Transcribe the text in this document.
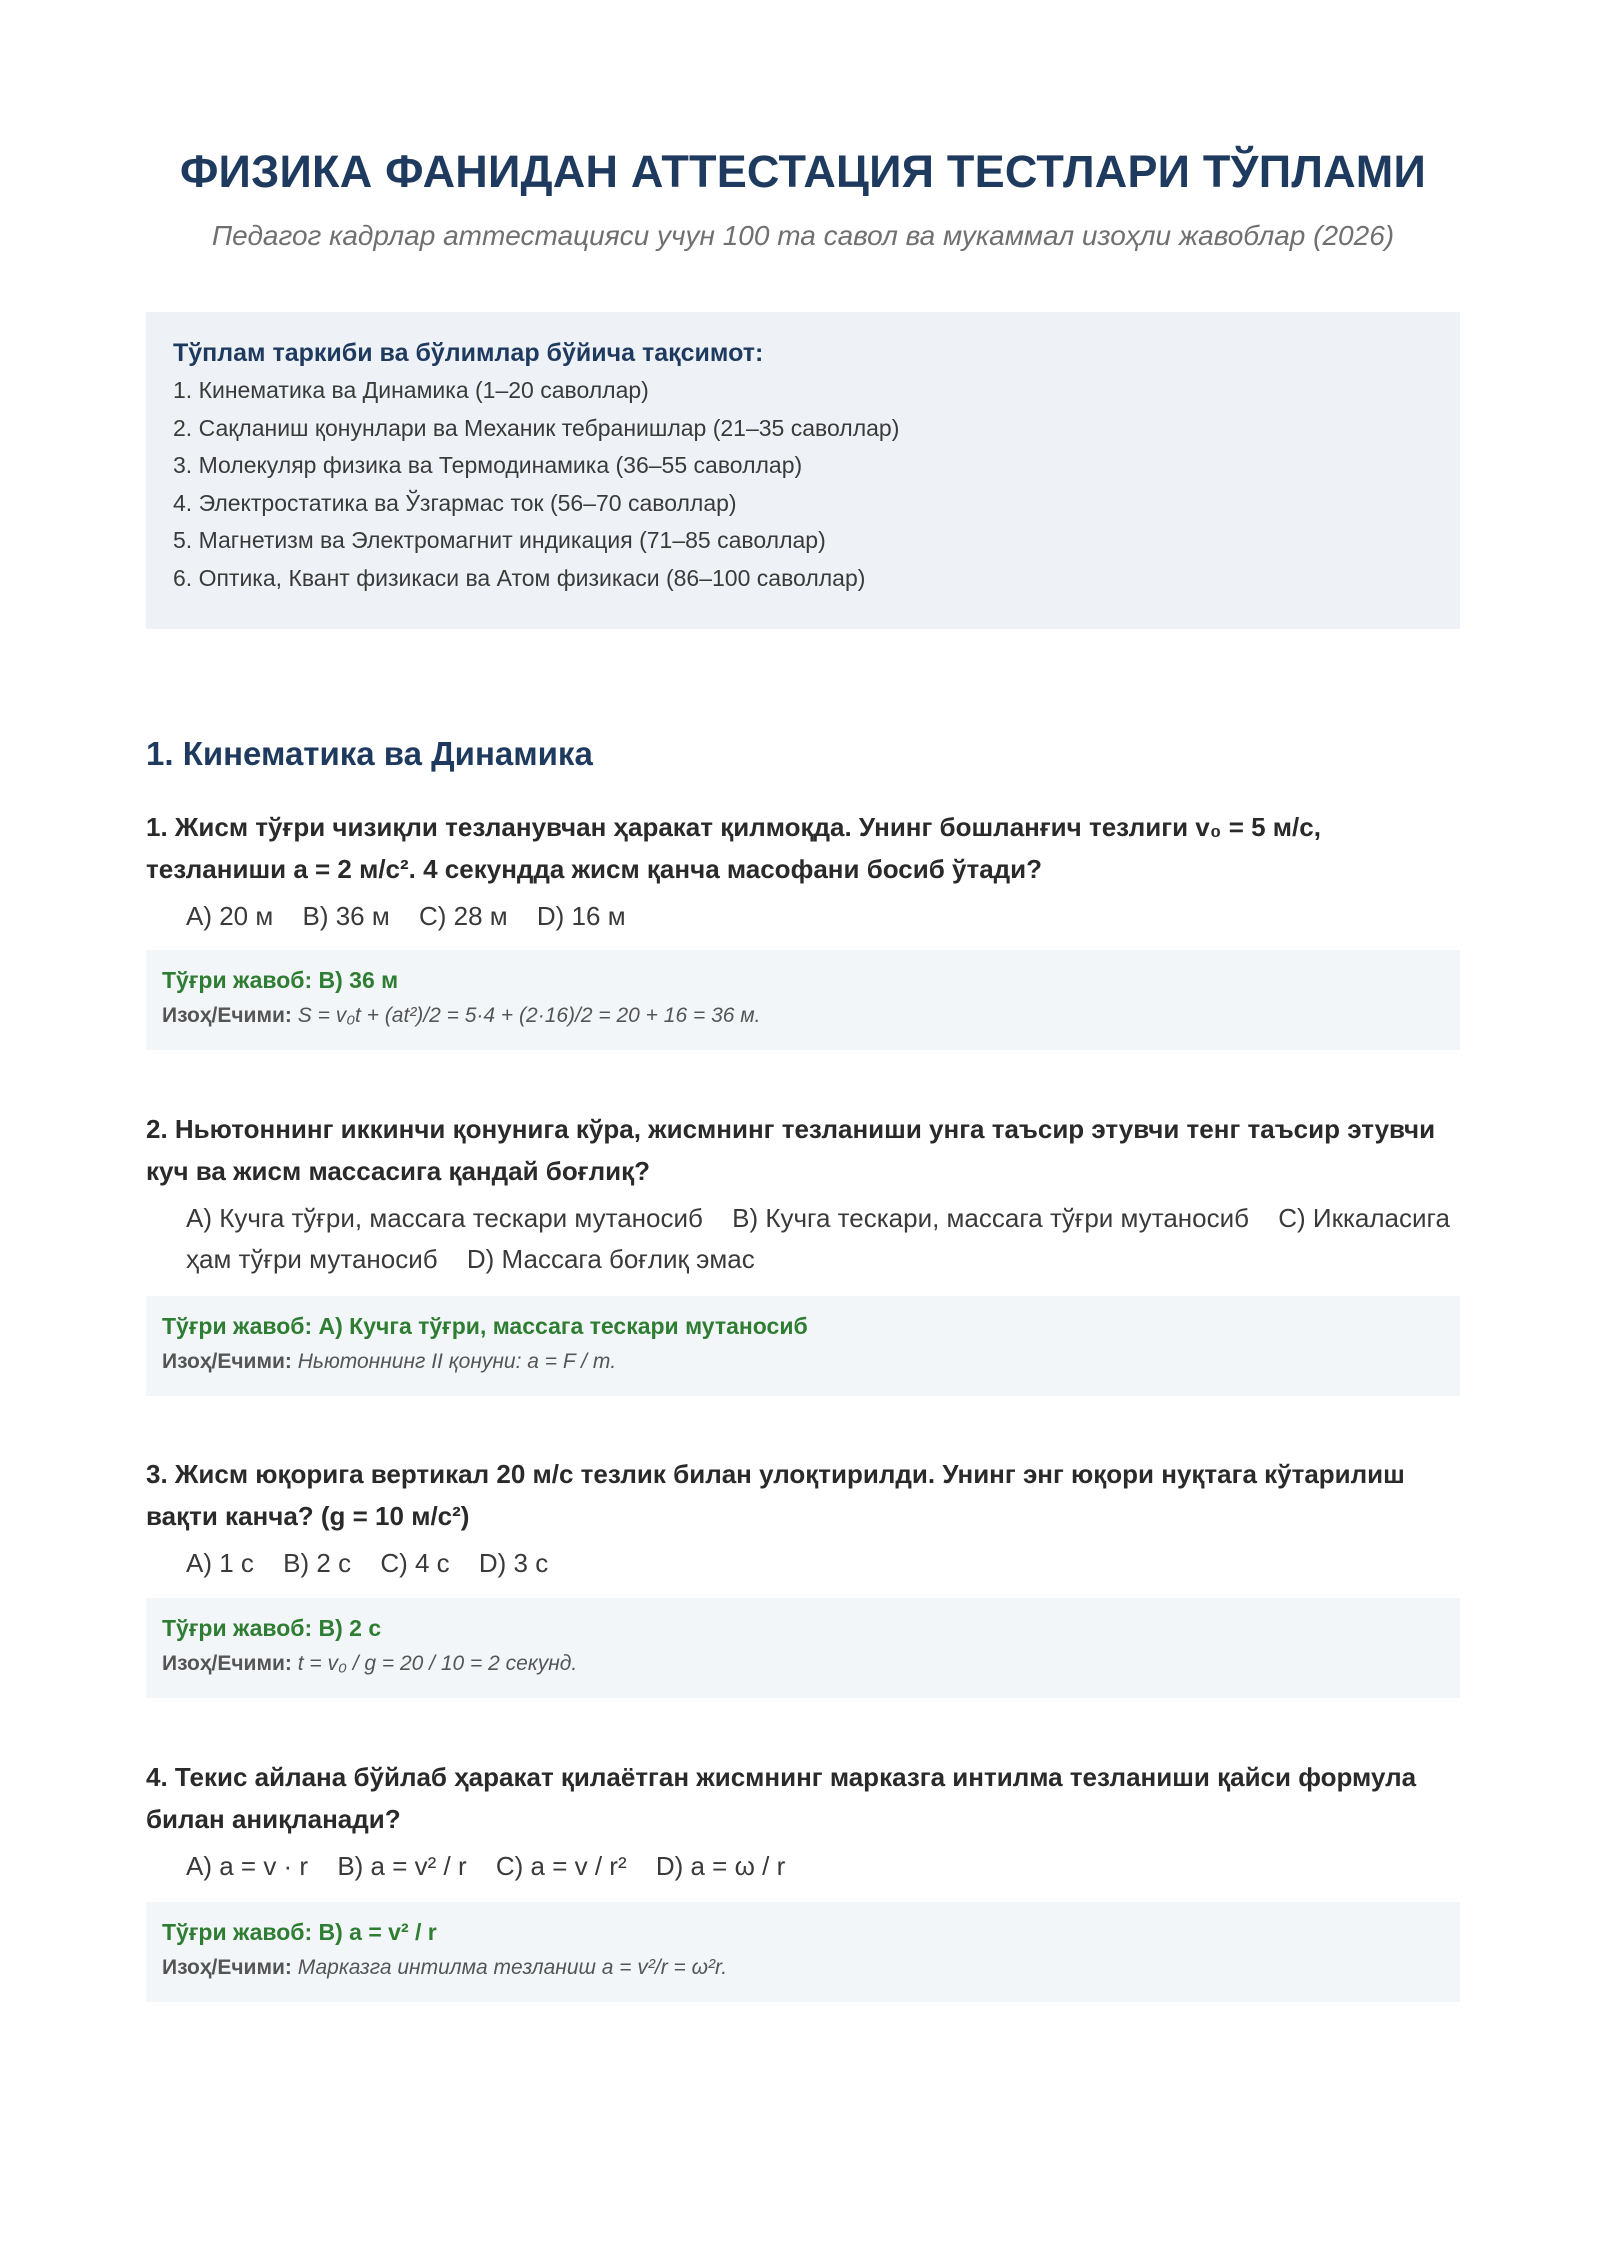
ФИЗИКА ФАНИДАН АТТЕСТАЦИЯ ТЕСТЛАРИ ТЎПЛАМИ
Педагог кадрлар аттестацияси учун 100 та савол ва мукаммал изоҳли жавоблар (2026)
Тўплам таркиби ва бўлимлар бўйича тақсимот:
1. Кинематика ва Динамика (1–20 саволлар)
2. Сақланиш қонунлари ва Механик тебранишлар (21–35 саволлар)
3. Молекуляр физика ва Термодинамика (36–55 саволлар)
4. Электростатика ва Ўзгармас ток (56–70 саволлар)
5. Магнетизм ва Электромагнит индикация (71–85 саволлар)
6. Оптика, Квант физикаси ва Атом физикаси (86–100 саволлар)
1. Кинематика ва Динамика

1. Жисм тўғри чизиқли тезланувчан ҳаракат қилмоқда. Унинг бошланғич тезлиги v₀ = 5 м/с, тезланиши a = 2 м/с². 4 секундда жисм қанча масофани босиб ўтади?

A) 20 м B) 36 м C) 28 м D) 16 м
Тўғри жавоб: B) 36 м
Изоҳ/Ечими: S = v₀t + (at²)/2 = 5·4 + (2·16)/2 = 20 + 16 = 36 м.

2. Ньютоннинг иккинчи қонунига кўра, жисмнинг тезланиши унга таъсир этувчи тенг таъсир этувчи куч ва жисм массасига қандай боғлиқ?

A) Кучга тўғри, массага тескари мутаносиб B) Кучга тескари, массага тўғри мутаносиб C) Иккаласига ҳам тўғри мутаносиб D) Массага боғлиқ эмас
Тўғри жавоб: A) Кучга тўғри, массага тескари мутаносиб
Изоҳ/Ечими: Ньютоннинг II қонуни: a = F / m.

3. Жисм юқорига вертикал 20 м/с тезлик билан улоқтирилди. Унинг энг юқори нуқтага кўтарилиш вақти канча? (g = 10 м/с²)

A) 1 с B) 2 с C) 4 с D) 3 с
Тўғри жавоб: B) 2 с
Изоҳ/Ечими: t = v₀ / g = 20 / 10 = 2 секунд.

4. Текис айлана бўйлаб ҳаракат қилаётган жисмнинг марказга интилма тезланиши қайси формула билан аниқланади?

A) a = v · r B) a = v² / r C) a = v / r² D) a = ω / r
Тўғри жавоб: B) a = v² / r
Изоҳ/Ечими: Марказга интилма тезланиш a = v²/r = ω²r.
